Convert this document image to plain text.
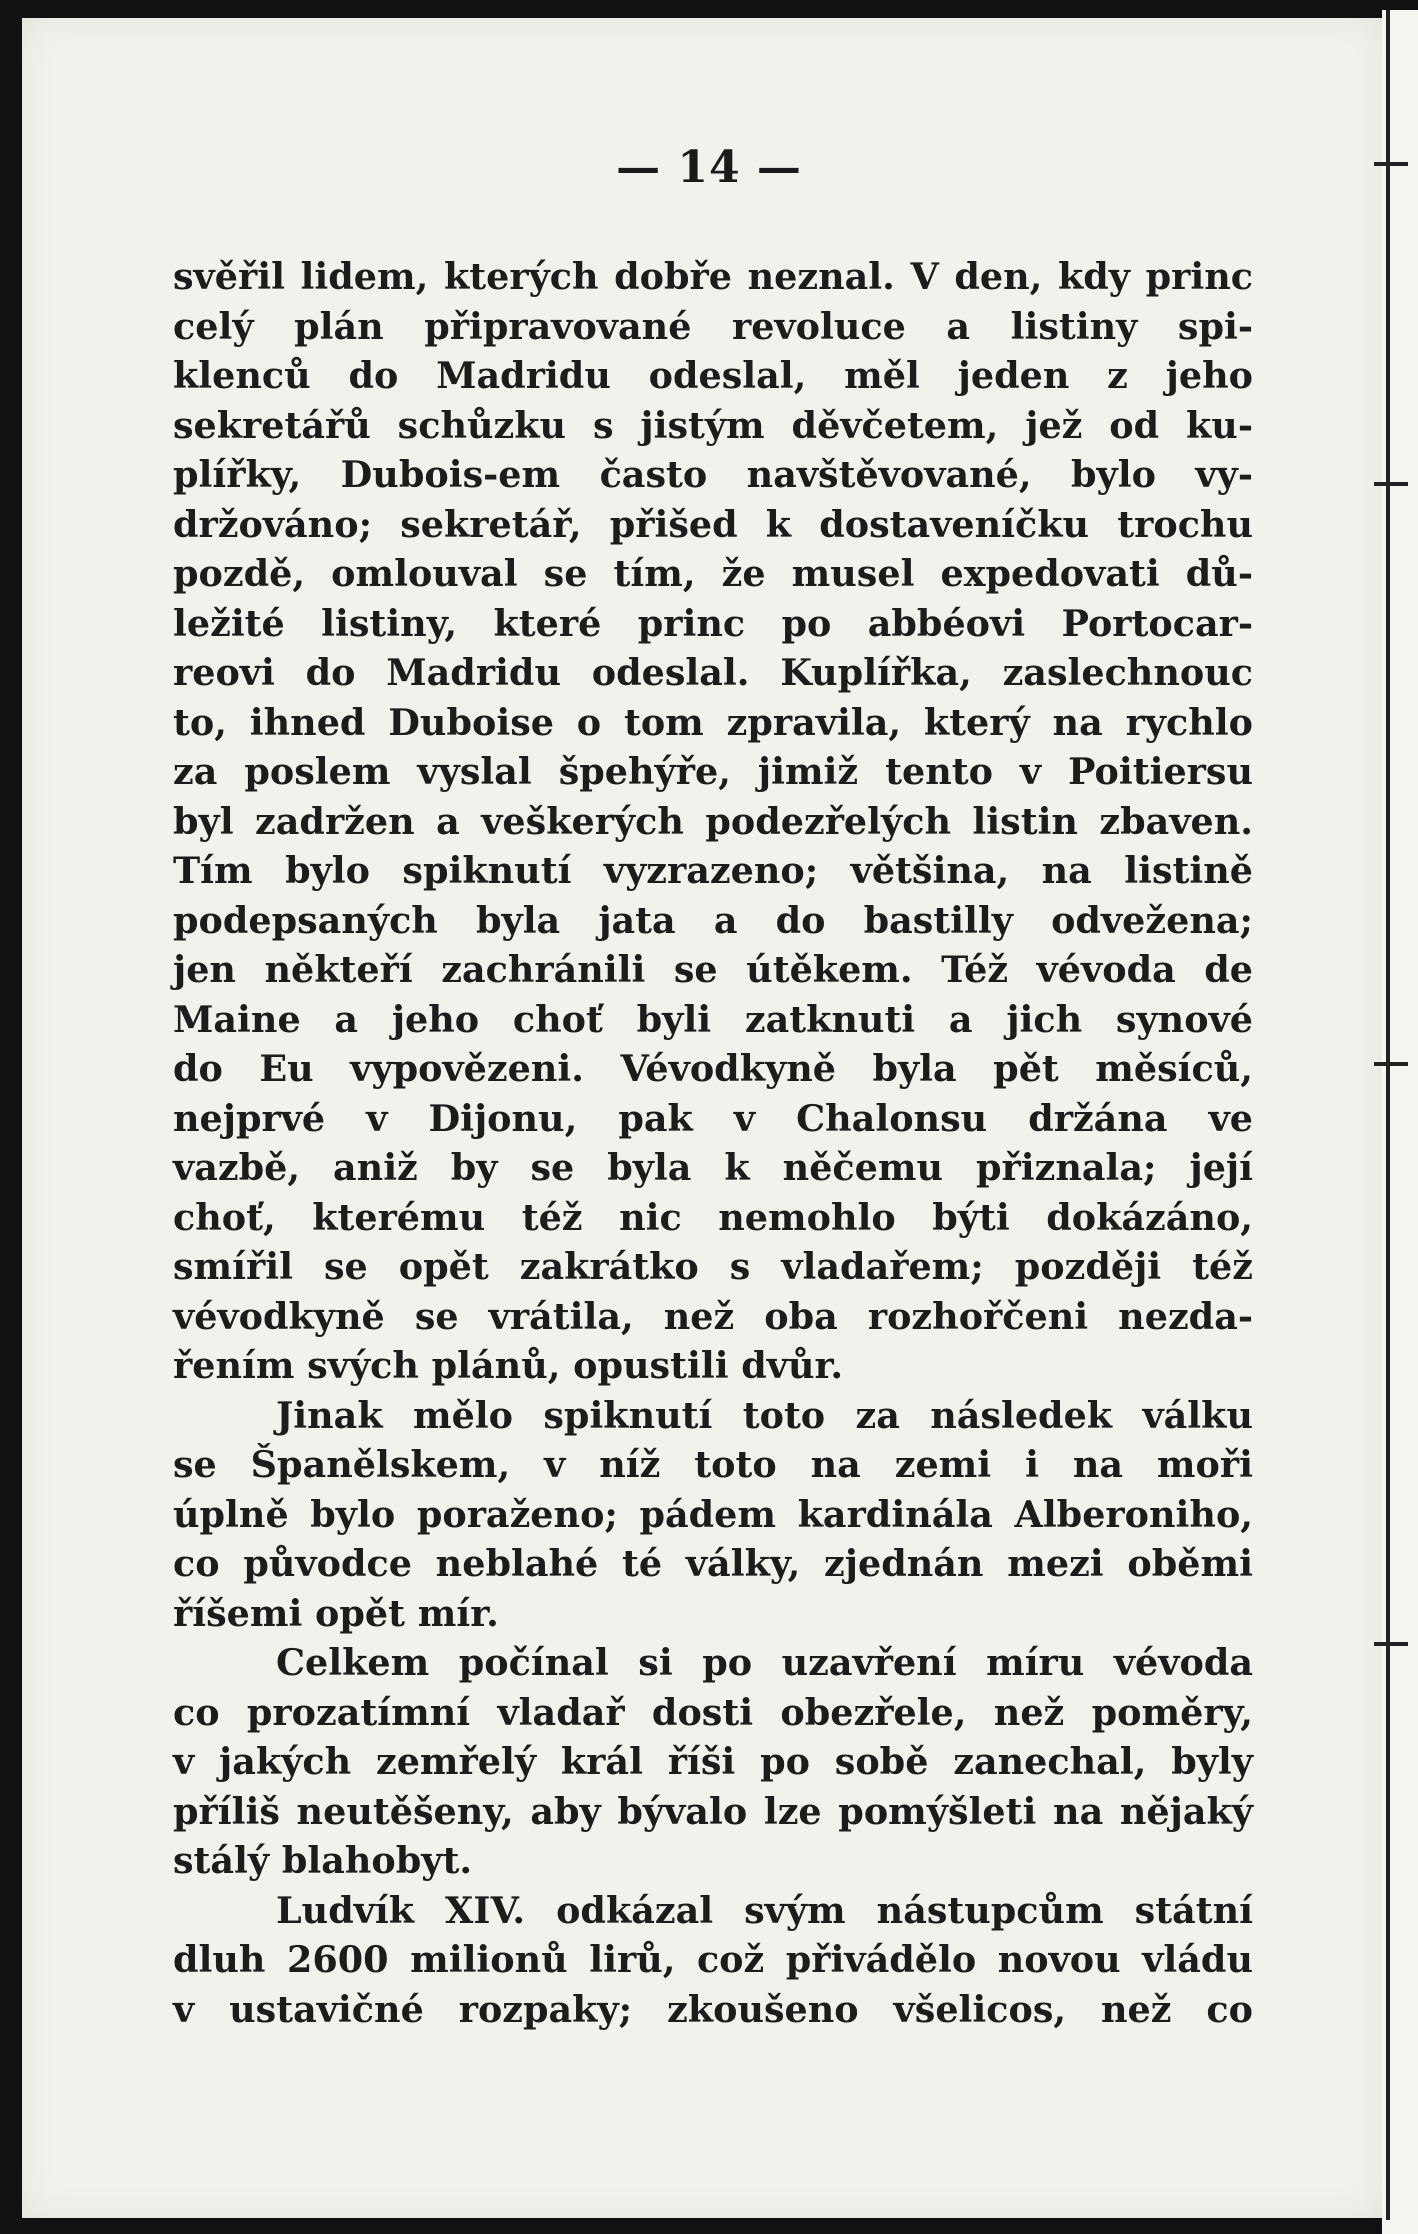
— 14 —
svěřil lidem, kterých dobře neznal. V den, kdy princ
celý plán připravované revoluce a listiny spi-
klenců do Madridu odeslal, měl jeden z jeho
sekretářů schůzku s jistým děvčetem, jež od ku-
plířky, Dubois-em často navštěvované, bylo vy-
držováno; sekretář, přišed k dostaveníčku trochu
pozdě, omlouval se tím, že musel expedovati dů-
ležité listiny, které princ po abbéovi Portocar-
reovi do Madridu odeslal. Kuplířka, zaslechnouc
to, ihned Duboise o tom zpravila, který na rychlo
za poslem vyslal špehýře, jimiž tento v Poitiersu
byl zadržen a veškerých podezřelých listin zbaven.
Tím bylo spiknutí vyzrazeno; většina, na listině
podepsaných byla jata a do bastilly odvežena;
jen někteří zachránili se útěkem. Též vévoda de
Maine a jeho choť byli zatknuti a jich synové
do Eu vypovězeni. Vévodkyně byla pět měsíců,
nejprvé v Dijonu, pak v Chalonsu držána ve
vazbě, aniž by se byla k něčemu přiznala; její
choť, kterému též nic nemohlo býti dokázáno,
smířil se opět zakrátko s vladařem; později též
vévodkyně se vrátila, než oba rozhořčeni nezda-
řením svých plánů, opustili dvůr.
Jinak mělo spiknutí toto za následek válku
se Španělskem, v níž toto na zemi i na moři
úplně bylo poraženo; pádem kardinála Alberoniho,
co původce neblahé té války, zjednán mezi oběmi
říšemi opět mír.
Celkem počínal si po uzavření míru vévoda
co prozatímní vladař dosti obezřele, než poměry,
v jakých zemřelý král říši po sobě zanechal, byly
příliš neutěšeny, aby bývalo lze pomýšleti na nějaký
stálý blahobyt.
Ludvík XIV. odkázal svým nástupcům státní
dluh 2600 milionů lirů, což přivádělo novou vládu
v ustavičné rozpaky; zkoušeno všelicos, než co
